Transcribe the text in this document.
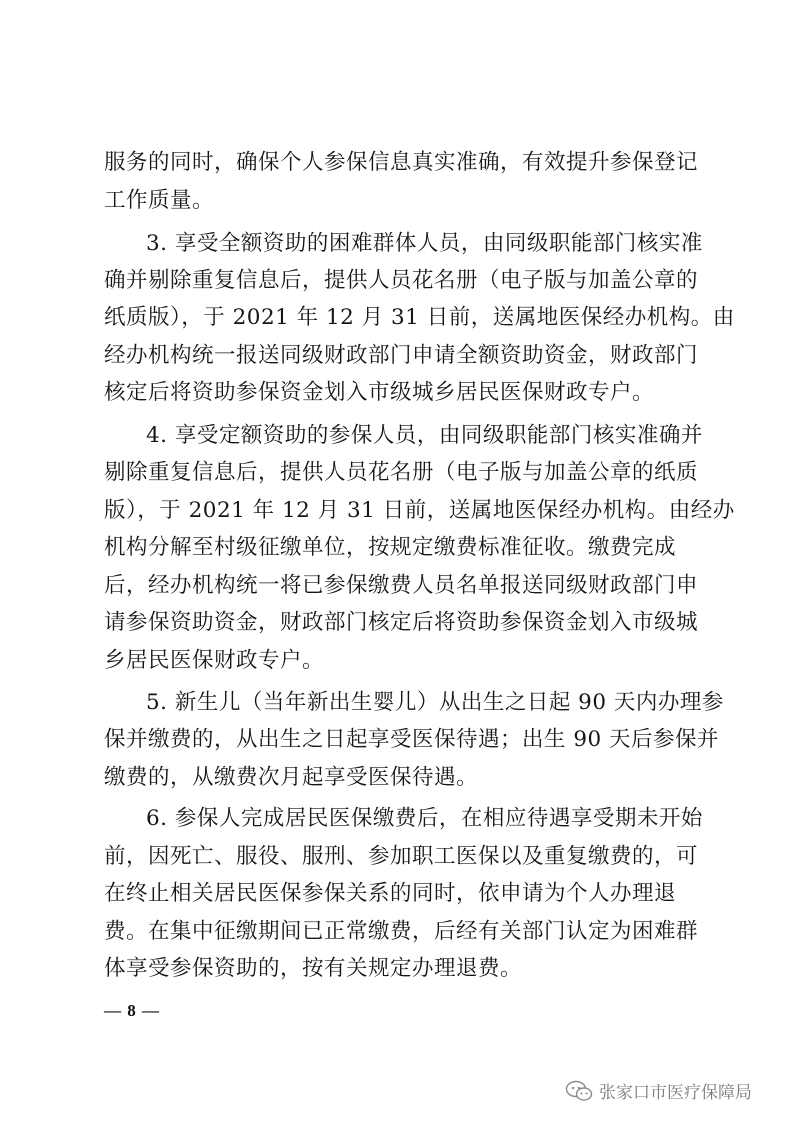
服务的同时，确保个人参保信息真实准确，有效提升参保登记
工作质量。
3. 享受全额资助的困难群体人员，由同级职能部门核实准
确并剔除重复信息后，提供人员花名册（电子版与加盖公章的
纸质版），于 2021 年 12 月 31 日前，送属地医保经办机构。由
经办机构统一报送同级财政部门申请全额资助资金，财政部门
核定后将资助参保资金划入市级城乡居民医保财政专户。
4. 享受定额资助的参保人员，由同级职能部门核实准确并
剔除重复信息后，提供人员花名册（电子版与加盖公章的纸质
版），于 2021 年 12 月 31 日前，送属地医保经办机构。由经办
机构分解至村级征缴单位，按规定缴费标准征收。缴费完成
后，经办机构统一将已参保缴费人员名单报送同级财政部门申
请参保资助资金，财政部门核定后将资助参保资金划入市级城
乡居民医保财政专户。
5. 新生儿（当年新出生婴儿）从出生之日起 90 天内办理参
保并缴费的，从出生之日起享受医保待遇；出生 90 天后参保并
缴费的，从缴费次月起享受医保待遇。
6. 参保人完成居民医保缴费后，在相应待遇享受期未开始
前，因死亡、服役、服刑、参加职工医保以及重复缴费的，可
在终止相关居民医保参保关系的同时，依申请为个人办理退
费。在集中征缴期间已正常缴费，后经有关部门认定为困难群
体享受参保资助的，按有关规定办理退费。
— 8 —
张家口市医疗保障局
